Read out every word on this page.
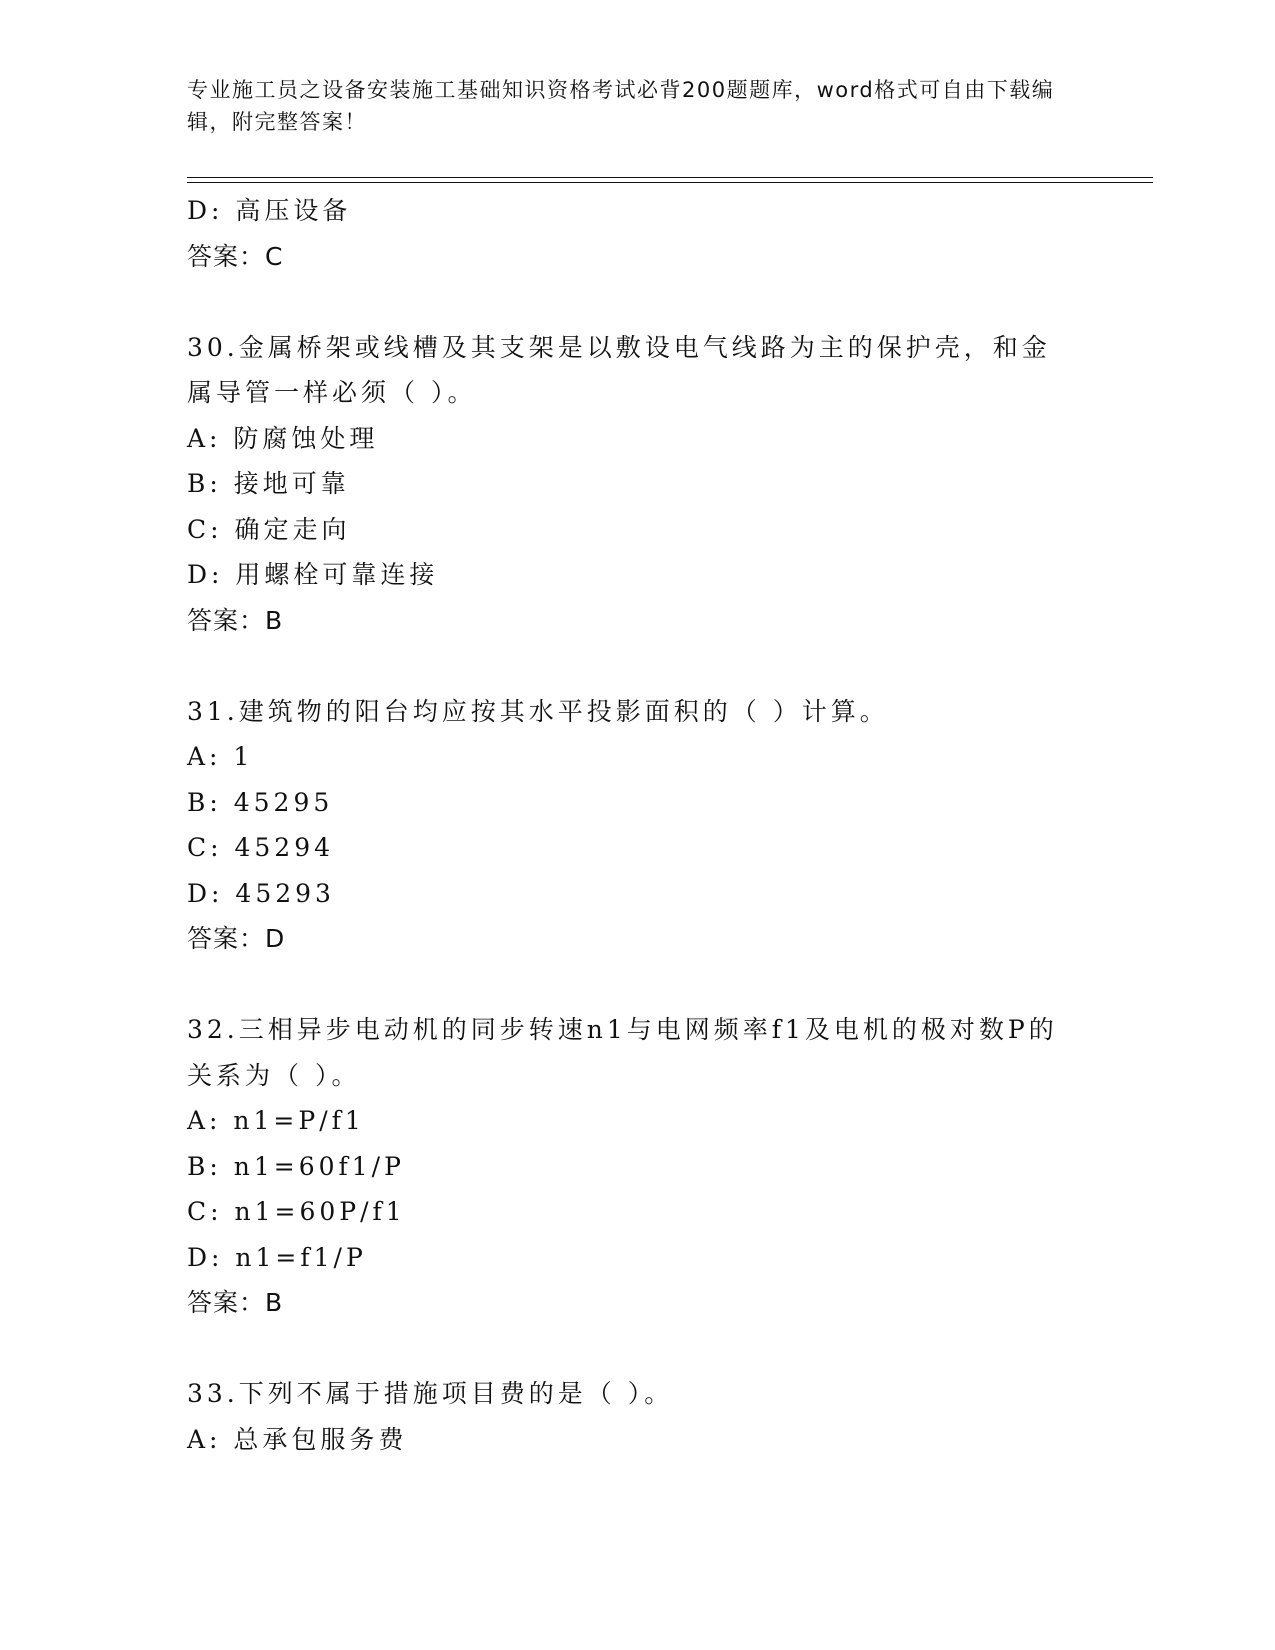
专业施工员之设备安装施工基础知识资格考试必背200题题库，word格式可自由下载编辑，附完整答案！
D: 高压设备
答案：C
30.金属桥架或线槽及其支架是以敷设电气线路为主的保护壳，和金属导管一样必须（ ）。
A: 防腐蚀处理
B: 接地可靠
C: 确定走向
D: 用螺栓可靠连接
答案：B
31.建筑物的阳台均应按其水平投影面积的（ ）计算。
A: 1
B: 45295
C: 45294
D: 45293
答案：D
32.三相异步电动机的同步转速n1与电网频率f1及电机的极对数P的关系为（ ）。
A: n1=P/f1
B: n1=60f1/P
C: n1=60P/f1
D: n1=f1/P
答案：B
33.下列不属于措施项目费的是（ ）。
A: 总承包服务费
